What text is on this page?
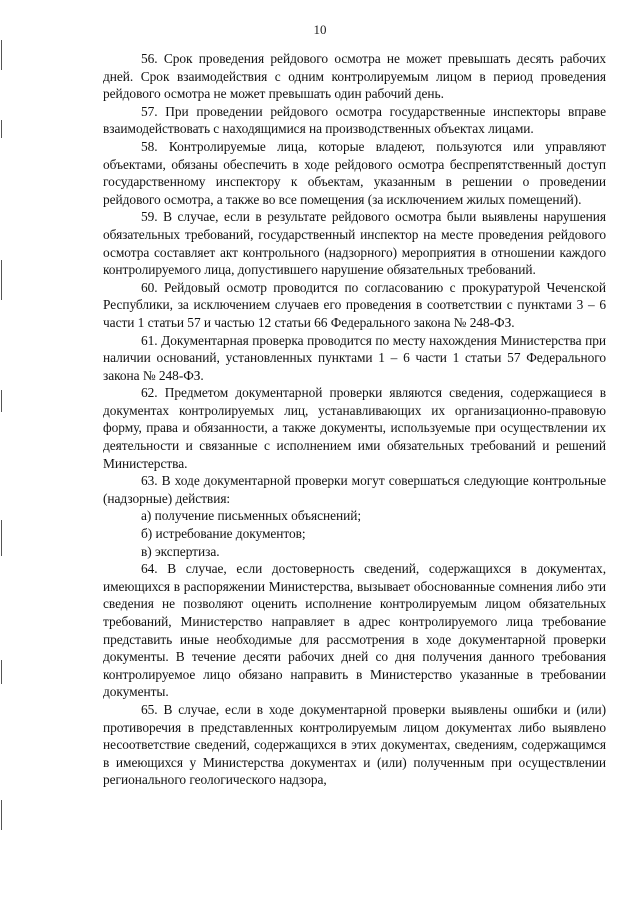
10

56. Срок проведения рейдового осмотра не может превышать десять рабочих дней. Срок взаимодействия с одним контролируемым лицом в период проведения рейдового осмотра не может превышать один рабочий день.

57. При проведении рейдового осмотра государственные инспекторы вправе взаимодействовать с находящимися на производственных объектах лицами.

58. Контролируемые лица, которые владеют, пользуются или управляют объектами, обязаны обеспечить в ходе рейдового осмотра беспрепятственный доступ государственному инспектору к объектам, указанным в решении о проведении рейдового осмотра, а также во все помещения (за исключением жилых помещений).

59. В случае, если в результате рейдового осмотра были выявлены нарушения обязательных требований, государственный инспектор на месте проведения рейдового осмотра составляет акт контрольного (надзорного) мероприятия в отношении каждого контролируемого лица, допустившего нарушение обязательных требований.

60. Рейдовый осмотр проводится по согласованию с прокуратурой Чеченской Республики, за исключением случаев его проведения в соответствии с пунктами 3 – 6 части 1 статьи 57 и частью 12 статьи 66 Федерального закона № 248-ФЗ.

61. Документарная проверка проводится по месту нахождения Министерства при наличии оснований, установленных пунктами 1 – 6 части 1 статьи 57 Федерального закона № 248-ФЗ.

62. Предметом документарной проверки являются сведения, содержащиеся в документах контролируемых лиц, устанавливающих их организационно-правовую форму, права и обязанности, а также документы, используемые при осуществлении их деятельности и связанные с исполнением ими обязательных требований и решений Министерства.

63. В ходе документарной проверки могут совершаться следующие контрольные (надзорные) действия:

а) получение письменных объяснений;

б) истребование документов;

в) экспертиза.

64. В случае, если достоверность сведений, содержащихся в документах, имеющихся в распоряжении Министерства, вызывает обоснованные сомнения либо эти сведения не позволяют оценить исполнение контролируемым лицом обязательных требований, Министерство направляет в адрес контролируемого лица требование представить иные необходимые для рассмотрения в ходе документарной проверки документы. В течение десяти рабочих дней со дня получения данного требования контролируемое лицо обязано направить в Министерство указанные в требовании документы.

65. В случае, если в ходе документарной проверки выявлены ошибки и (или) противоречия в представленных контролируемым лицом документах либо выявлено несоответствие сведений, содержащихся в этих документах, сведениям, содержащимся в имеющихся у Министерства документах и (или) полученным при осуществлении регионального геологического надзора,
